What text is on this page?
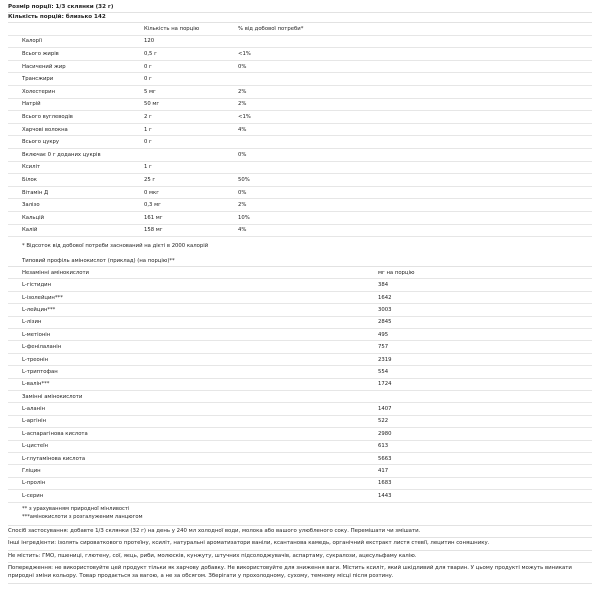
Розмір порції: 1/3 склянки (32 г)
Кількість порцій: близько 142
	Кількість на порцію	% від добової потреби*
Калорії	120	
Всього жирів	0,5 г	<1%
Насичений жир	0 г	0%
Трансжири	0 г	
Холестерин	5 мг	2%
Натрій	50 мг	2%
Всього вуглеводів	2 г	<1%
Харчові волокна	1 г	4%
Всього цукру	0 г	
Включає 0 г доданих цукрів		0%
Ксиліт	1 г	
Білок	25 г	50%
Вітамін Д	0 мкг	0%
Залізо	0,3 мг	2%
Кальцій	161 мг	10%
Калій	158 мг	4%
* Відсоток від добової потреби заснований на дієті в 2000 калорій
Типовий профіль амінокислот (приклад) (на порцію)**
Незамінні амінокислоти	мг на порцію
L-гістидин	384
L-ізолейцин***	1642
L-лейцин***	3003
L-лізин	2845
L-метіонін	495
L-фенілаланін	757
L-треонін	2319
L-триптофан	554
L-валін***	1724
Замінні амінокислоти	
L-аланін	1407
L-аргінін	522
L-аспарагінова кислота	2980
L-цистеїн	613
L-глутамінова кислота	5663
Гліцин	417
L-пролін	1683
L-серин	1443
** з урахуванням природної мінливості
***амінокислоти з розгалуженим ланцюгом
Спосіб застосування: добавте 1/3 склянки (32 г) на день у 240 мл холодної води, молока або вашого улюбленого соку. Перемішати чи змішати.
Інші інгредієнти: ізолять сироваткового протеїну, ксиліт, натуральні ароматизатори ваніли, ксантанова камедь, органічний екстракт листя стевії, лецитин соняшнику.
Не містить: ГМО, пшениці, глютену, сої, яєць, риби, молюсків, кунжуту, штучних підсолоджувачів, аспартаму, сукралози, ацесульфаму калію.
Попередження: не використовуйте цей продукт тільки як харчову добавку. Не використовуйте для зниження ваги. Містить ксиліт, який шкідливий для тварин. У цьому продукті можуть виникати природні зміни кольору. Товар продається за вагою, а не за обсягом. Зберігати у прохолодному, сухому, темному місці після розтину.
